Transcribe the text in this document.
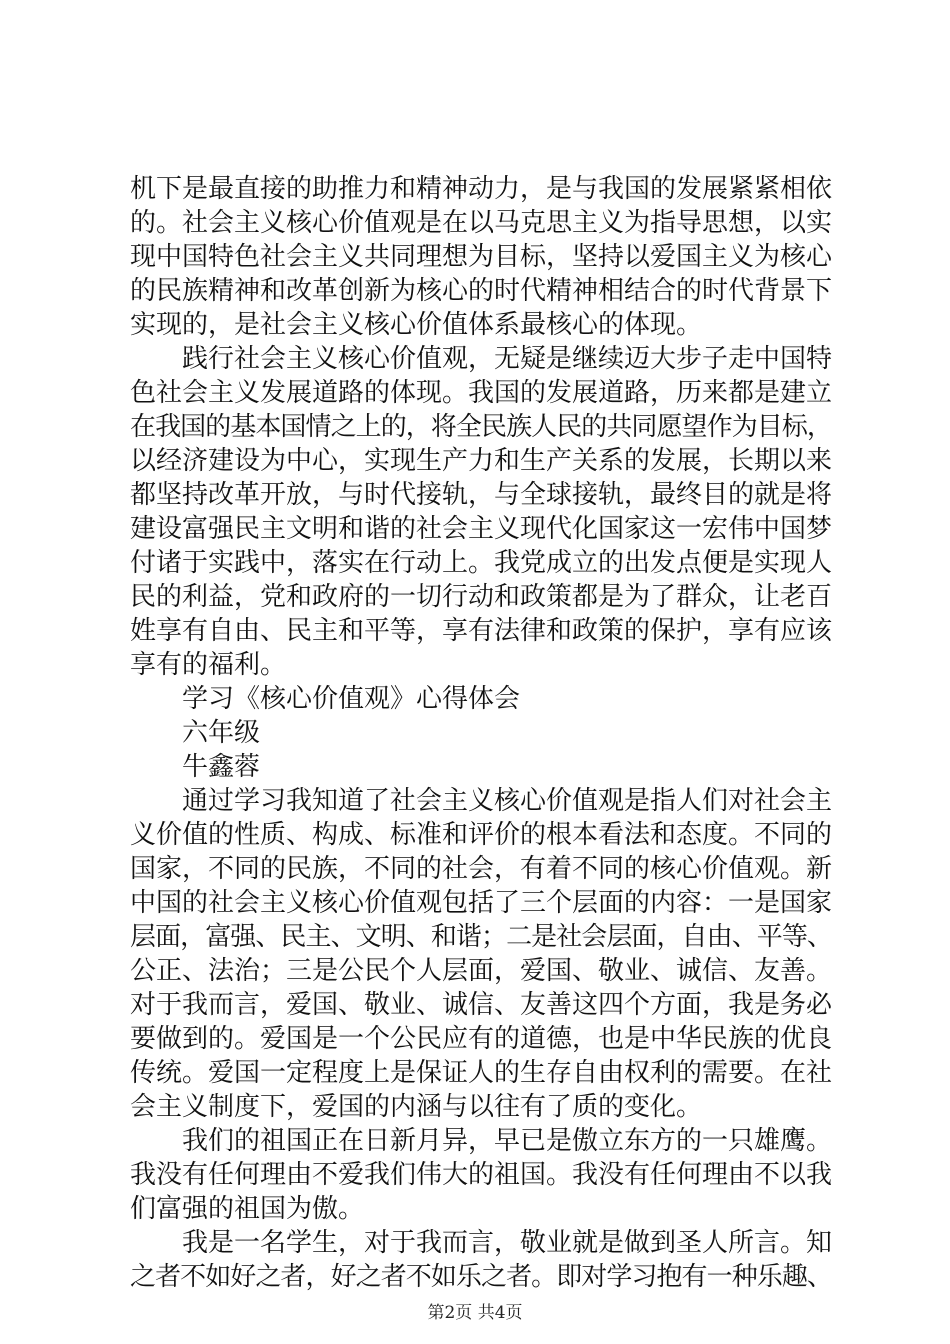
机下是最直接的助推力和精神动力，是与我国的发展紧紧相依
的。社会主义核心价值观是在以马克思主义为指导思想，以实
现中国特色社会主义共同理想为目标，坚持以爱国主义为核心
的民族精神和改革创新为核心的时代精神相结合的时代背景下
实现的，是社会主义核心价值体系最核心的体现。
践行社会主义核心价值观，无疑是继续迈大步子走中国特
色社会主义发展道路的体现。我国的发展道路，历来都是建立
在我国的基本国情之上的，将全民族人民的共同愿望作为目标，
以经济建设为中心，实现生产力和生产关系的发展，长期以来
都坚持改革开放，与时代接轨，与全球接轨，最终目的就是将
建设富强民主文明和谐的社会主义现代化国家这一宏伟中国梦
付诸于实践中，落实在行动上。我党成立的出发点便是实现人
民的利益，党和政府的一切行动和政策都是为了群众，让老百
姓享有自由、民主和平等，享有法律和政策的保护，享有应该
享有的福利。
学习《核心价值观》心得体会
六年级
牛鑫蓉
通过学习我知道了社会主义核心价值观是指人们对社会主
义价值的性质、构成、标准和评价的根本看法和态度。不同的
国家，不同的民族，不同的社会，有着不同的核心价值观。新
中国的社会主义核心价值观包括了三个层面的内容：一是国家
层面，富强、民主、文明、和谐；二是社会层面，自由、平等、
公正、法治；三是公民个人层面，爱国、敬业、诚信、友善。
对于我而言，爱国、敬业、诚信、友善这四个方面，我是务必
要做到的。爱国是一个公民应有的道德，也是中华民族的优良
传统。爱国一定程度上是保证人的生存自由权利的需要。在社
会主义制度下，爱国的内涵与以往有了质的变化。
我们的祖国正在日新月异，早已是傲立东方的一只雄鹰。
我没有任何理由不爱我们伟大的祖国。我没有任何理由不以我
们富强的祖国为傲。
我是一名学生，对于我而言，敬业就是做到圣人所言。知
之者不如好之者，好之者不如乐之者。即对学习抱有一种乐趣、
第2页 共4页
